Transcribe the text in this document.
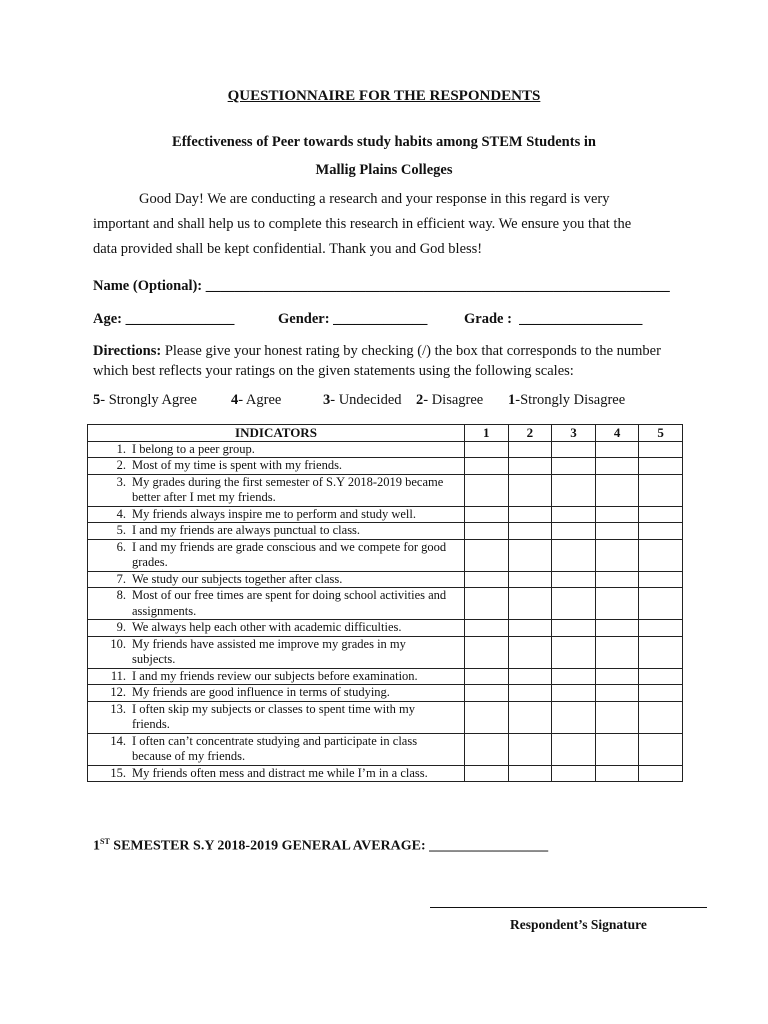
QUESTIONNAIRE FOR THE RESPONDENTS
Effectiveness of Peer towards study habits among STEM Students in
Mallig Plains Colleges
Good Day! We are conducting a research and your response in this regard is very
important and shall help us to complete this research in efficient way. We ensure you that the
data provided shall be kept confidential. Thank you and God bless!
Name (Optional): ________________________________________________________________
Age: _______________	Gender: _____________	Grade :  _________________
Directions: Please give your honest rating by checking (/) the box that corresponds to the number which best reflects your ratings on the given statements using the following scales:
5- Strongly Agree 4- Agree	3- Undecided 2- Disagree 1-Strongly Disagree
INDICATORS	1	2	3	4	5
1. I belong to a peer group.					
2. Most of my time is spent with my friends.					
3. My grades during the first semester of S.Y 2018-2019 became better after I met my friends.					
4. My friends always inspire me to perform and study well.					
5. I and my friends are always punctual to class.					
6. I and my friends are grade conscious and we compete for good grades.					
7. We study our subjects together after class.					
8. Most of our free times are spent for doing school activities and assignments.					
9. We always help each other with academic difficulties.					
10. My friends have assisted me improve my grades in my subjects.					
11. I and my friends review our subjects before examination.					
12. My friends are good influence in terms of studying.					
13. I often skip my subjects or classes to spent time with my friends.					
14. I often can’t concentrate studying and participate in class because of my friends.					
15. My friends often mess and distract me while I’m in a class.					
1ST SEMESTER S.Y 2018-2019 GENERAL AVERAGE: _________________
Respondent’s Signature
